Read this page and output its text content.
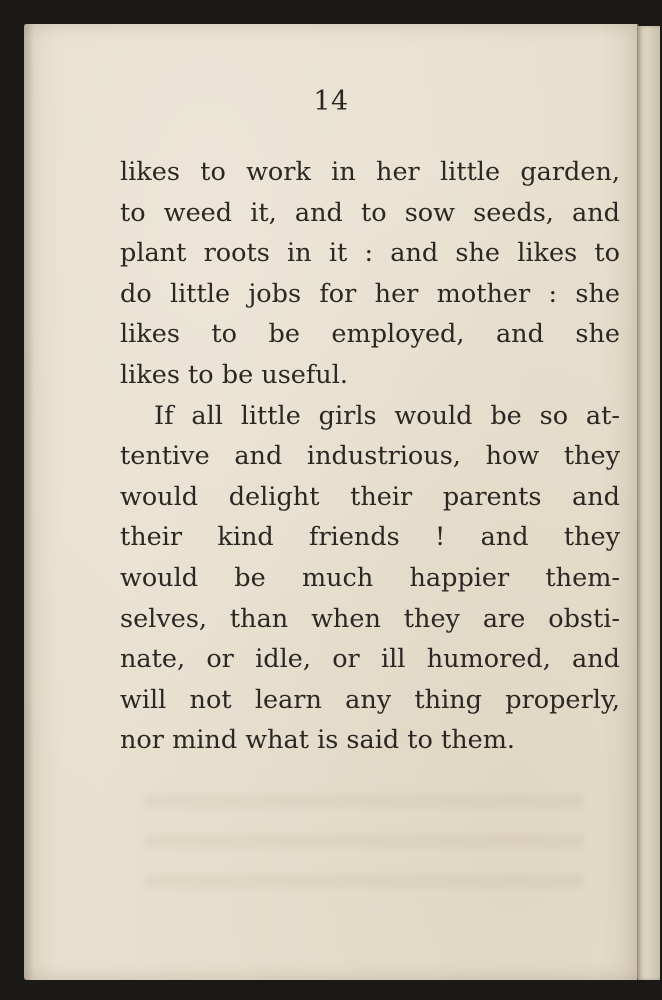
14
likes to work in her little garden,
to weed it, and to sow seeds, and
plant roots in it : and she likes to
do little jobs for her mother : she
likes to be employed, and she
likes to be useful.
If all little girls would be so at-
tentive and industrious, how they
would delight their parents and
their kind friends ! and they
would be much happier them-
selves, than when they are obsti-
nate, or idle, or ill humored, and
will not learn any thing properly,
nor mind what is said to them.
